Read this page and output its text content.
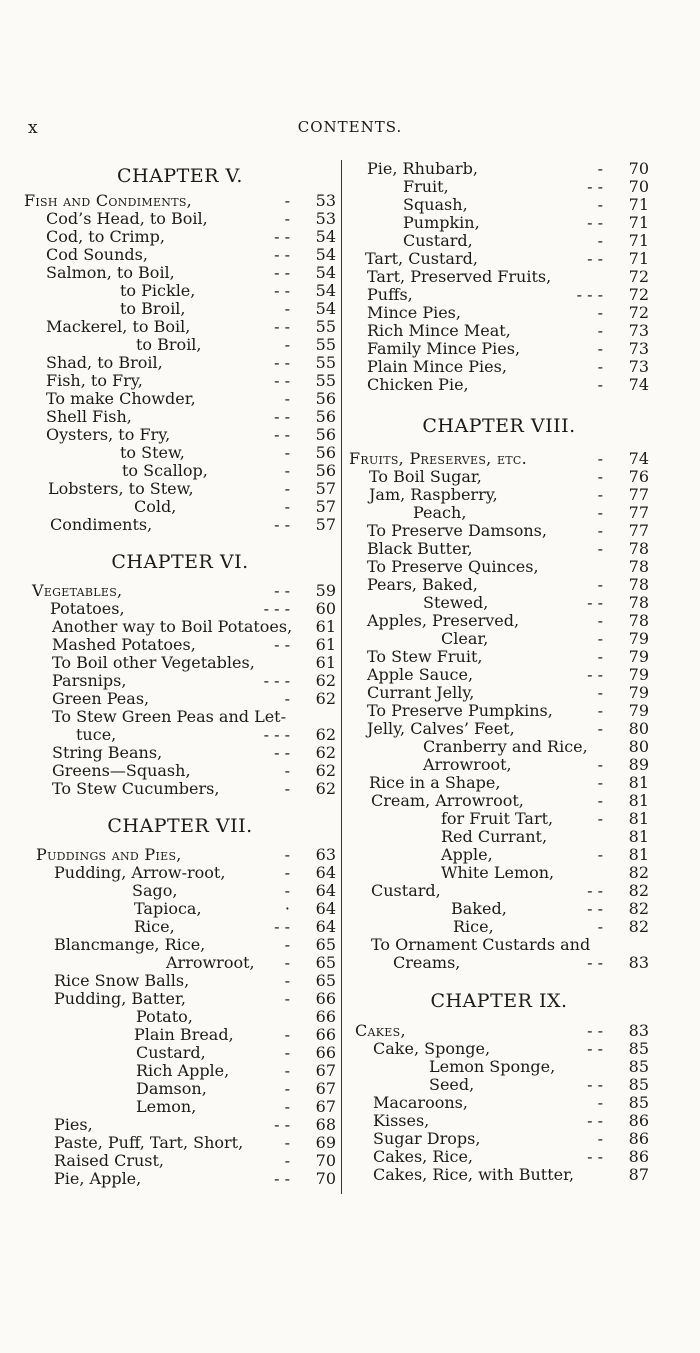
x	CONTENTS.
CHAPTER V.
Fish and Condiments,	- 53
Cod’s Head, to Boil,	- 53
Cod, to Crimp,	- - 54
Cod Sounds,	- - 54
Salmon, to Boil,	- - 54
to Pickle,	- - 54
to Broil,	- 54
Mackerel, to Boil,	- - 55
to Broil,	- 55
Shad, to Broil,	- - 55
Fish, to Fry,	- - 55
To make Chowder,	- 56
Shell Fish,	- - 56
Oysters, to Fry,	- - 56
to Stew,	- 56
to Scallop,	- 56
Lobsters, to Stew,	- 57
Cold,	- 57
Condiments,	- - 57
CHAPTER VI.
Vegetables,	- - 59
Potatoes,	- - - 60
Another way to Boil Potatoes, 61
Mashed Potatoes,	- - 61
To Boil other Vegetables,	61
Parsnips,	- - - 62
Green Peas,	- 62
To Stew Green Peas and Let-
tuce,	- - - 62
String Beans,	- - 62
Greens—Squash,	- 62
To Stew Cucumbers,	- 62
CHAPTER VII.
Puddings and Pies,	- 63
Pudding, Arrow-root,	- 64
Sago,	- 64
Tapioca,	· 64
Rice,	- - 64
Blancmange, Rice,	- 65
Arrowroot, - 65
Rice Snow Balls,	- 65
Pudding, Batter,	- 66
Potato,	66
Plain Bread,	- 66
Custard,	- 66
Rich Apple,	- 67
Damson,	- 67
Lemon,	- 67
Pies,	- - 68
Paste, Puff, Tart, Short,	- 69
Raised Crust,	- 70
Pie, Apple,	- - 70
Pie, Rhubarb,	- 70
Fruit,	- - 70
Squash,	- 71
Pumpkin,	- - 71
Custard,	- 71
Tart, Custard,	- - 71
Tart, Preserved Fruits,	72
Puffs,	- - - 72
Mince Pies,	- 72
Rich Mince Meat,	- 73
Family Mince Pies,	- 73
Plain Mince Pies,	- 73
Chicken Pie,	- 74
CHAPTER VIII.
Fruits, Preserves, etc.	- 74
To Boil Sugar,	- 76
Jam, Raspberry,	- 77
Peach,	- 77
To Preserve Damsons,	- 77
Black Butter,	- 78
To Preserve Quinces,	78
Pears, Baked,	- 78
Stewed,	- - 78
Apples, Preserved,	- 78
Clear,	- 79
To Stew Fruit,	- 79
Apple Sauce,	- - 79
Currant Jelly,	- 79
To Preserve Pumpkins,	- 79
Jelly, Calves’ Feet,	- 80
Cranberry and Rice,	80
Arrowroot,	- 89
Rice in a Shape,	- 81
Cream, Arrowroot,	- 81
for Fruit Tart,	- 81
Red Currant,	81
Apple,	- 81
White Lemon,	82
Custard,	- - 82
Baked,	- - 82
Rice,	- 82
To Ornament Custards and
Creams,	- - 83
CHAPTER IX.
Cakes,	- - 83
Cake, Sponge,	- - 85
Lemon Sponge,	85
Seed,	- - 85
Macaroons,	- 85
Kisses,	- - 86
Sugar Drops,	- 86
Cakes, Rice,	- - 86
Cakes, Rice, with Butter,	87
